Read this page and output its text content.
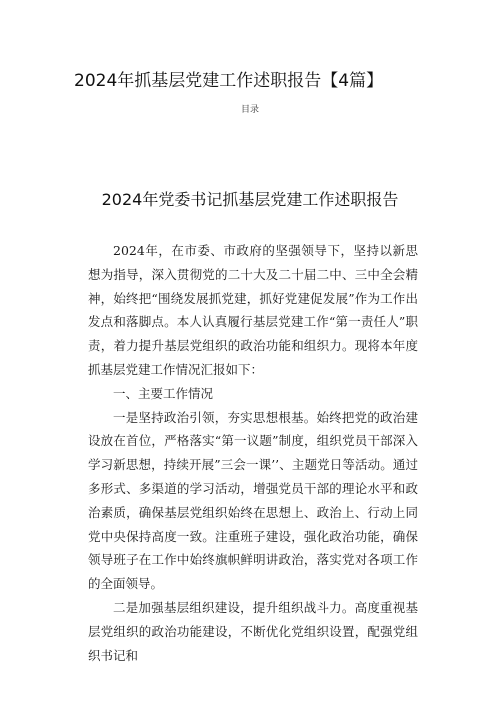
2024年抓基层党建工作述职报告【4篇】
目录
2024年党委书记抓基层党建工作述职报告

2024年，在市委、市政府的坚强领导下，坚持以新思想为指导，深入贯彻党的二十大及二十届二中、三中全会精神，始终把“围绕发展抓党建，抓好党建促发展”作为工作出发点和落脚点。本人认真履行基层党建工作“第一责任人”职责，着力提升基层党组织的政治功能和组织力。现将本年度抓基层党建工作情况汇报如下：

一、主要工作情况

一是坚持政治引领，夯实思想根基。始终把党的政治建设放在首位，严格落实“第一议题”制度，组织党员干部深入学习新思想，持续开展”三会一课’’、主题党日等活动。通过多形式、多渠道的学习活动，增强党员干部的理论水平和政治素质，确保基层党组织始终在思想上、政治上、行动上同党中央保持高度一致。注重班子建设，强化政治功能，确保领导班子在工作中始终旗帜鲜明讲政治，落实党对各项工作的全面领导。

二是加强基层组织建设，提升组织战斗力。高度重视基层党组织的政治功能建设，不断优化党组织设置，配强党组织书记和
